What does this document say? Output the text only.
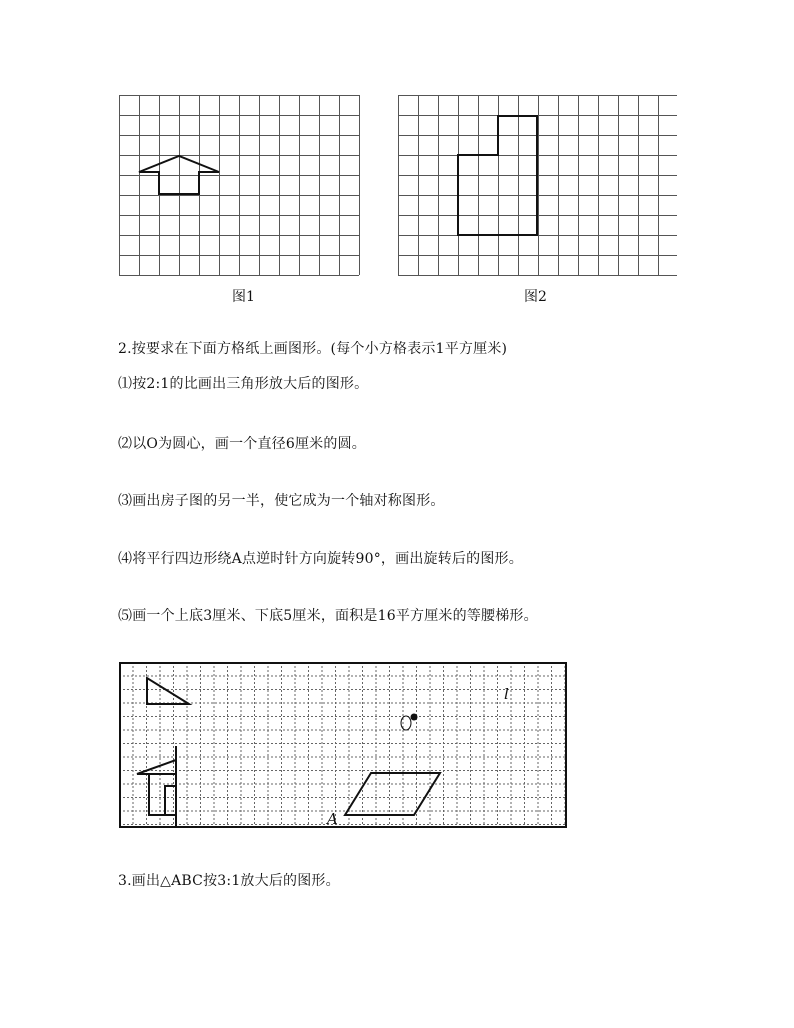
图1	图2
2.按要求在下面方格纸上画图形。(每个小方格表示1平方厘米)
⑴按2:1的比画出三角形放大后的图形。
⑵以O为圆心，画一个直径6厘米的圆。
⑶画出房子图的另一半，使它成为一个轴对称图形。
⑷将平行四边形绕A点逆时针方向旋转90°，画出旋转后的图形。
⑸画一个上底3厘米、下底5厘米，面积是16平方厘米的等腰梯形。
l
A
3.画出△ABC按3:1放大后的图形。
